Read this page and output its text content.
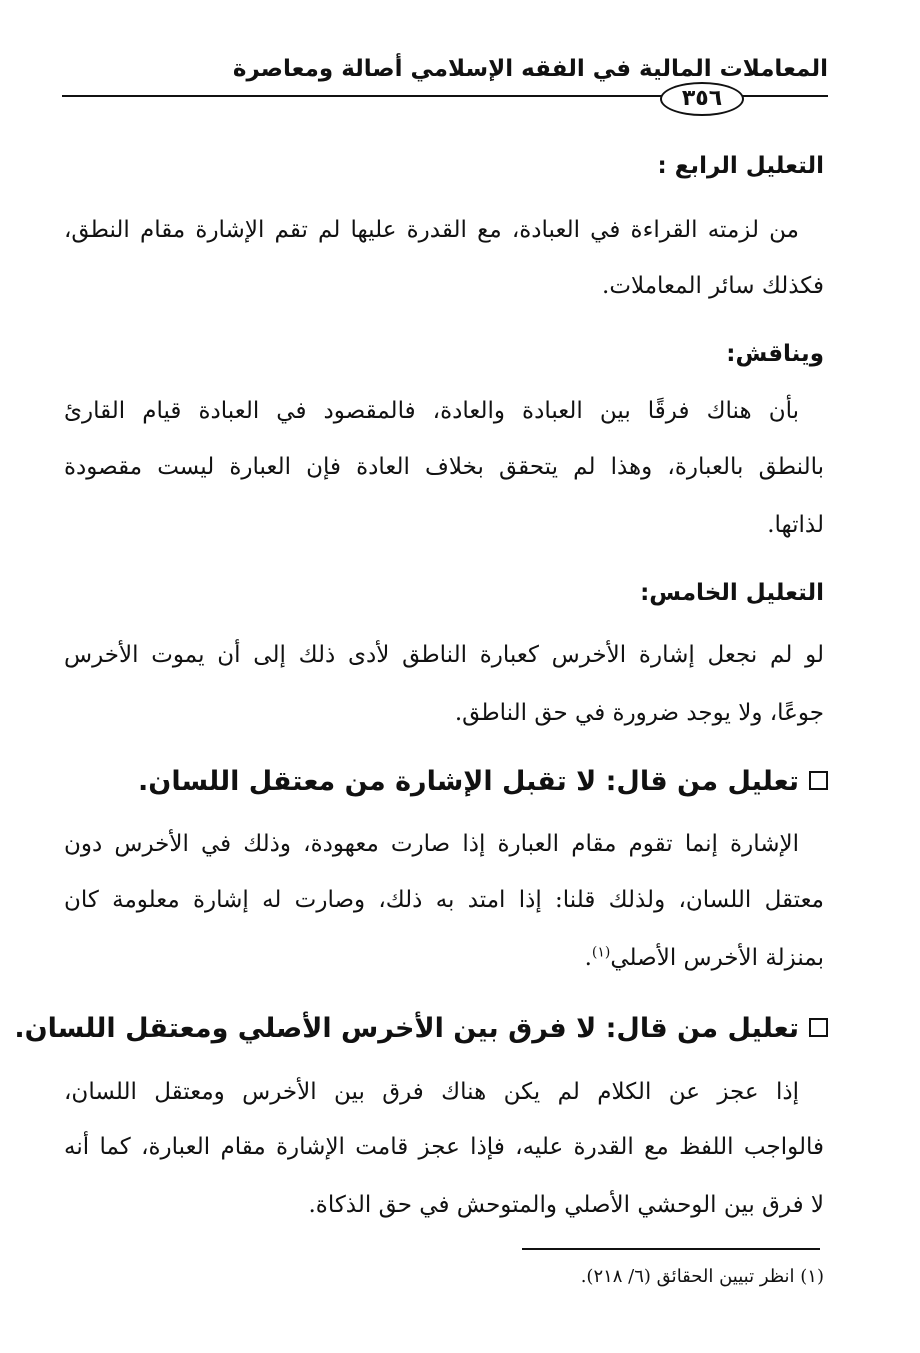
المعاملات المالية في الفقه الإسلامي أصالة ومعاصرة
٣٥٦
التعليل الرابع :
من لزمته القراءة في العبادة، مع القدرة عليها لم تقم الإشارة مقام النطق،
فكذلك سائر المعاملات.
ويناقش:
بأن هناك فرقًا بين العبادة والعادة، فالمقصود في العبادة قيام القارئ
بالنطق بالعبارة، وهذا لم يتحقق بخلاف العادة فإن العبارة ليست مقصودة
لذاتها.
التعليل الخامس:
لو لم نجعل إشارة الأخرس كعبارة الناطق لأدى ذلك إلى أن يموت الأخرس
جوعًا، ولا يوجد ضرورة في حق الناطق.
تعليل من قال: لا تقبل الإشارة من معتقل اللسان.
الإشارة إنما تقوم مقام العبارة إذا صارت معهودة، وذلك في الأخرس دون
معتقل اللسان، ولذلك قلنا: إذا امتد به ذلك، وصارت له إشارة معلومة كان
بمنزلة الأخرس الأصلي$^{(١)}$.
تعليل من قال: لا فرق بين الأخرس الأصلي ومعتقل اللسان.
إذا عجز عن الكلام لم يكن هناك فرق بين الأخرس ومعتقل اللسان،
فالواجب اللفظ مع القدرة عليه، فإذا عجز قامت الإشارة مقام العبارة، كما أنه
لا فرق بين الوحشي الأصلي والمتوحش في حق الذكاة.
(١) انظر تبيين الحقائق (٦/ ٢١٨).
